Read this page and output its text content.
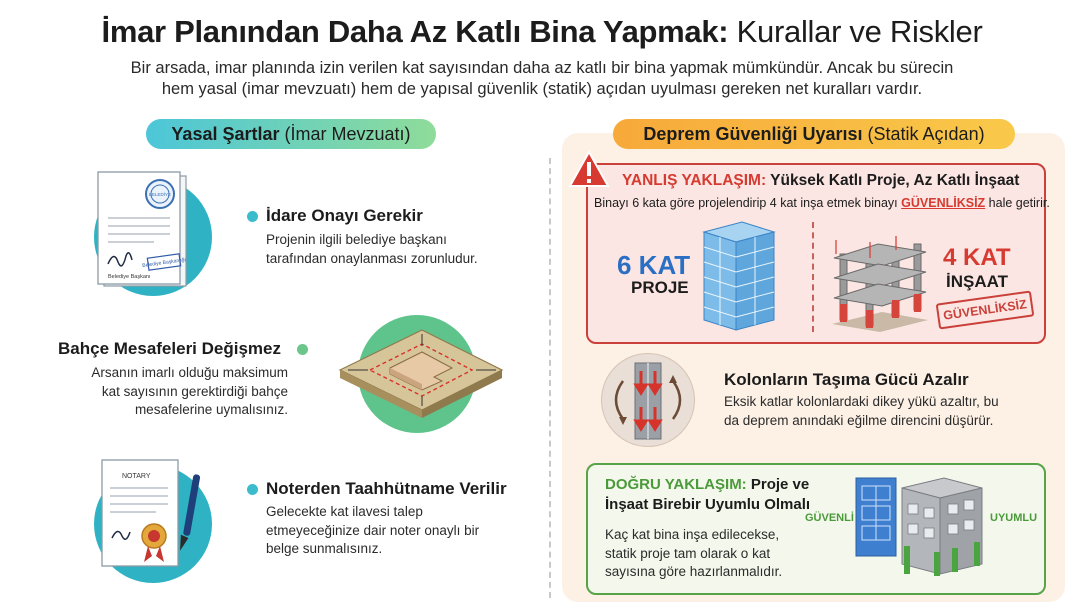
İmar Planından Daha Az Katlı Bina Yapmak: Kurallar ve Riskler
Bir arsada, imar planında izin verilen kat sayısından daha az katlı bir bina yapmak mümkündür. Ancak bu sürecin
hem yasal (imar mevzuatı) hem de yapısal güvenlik (statik) açıdan uyulması gereken net kuralları vardır.
Yasal Şartlar (İmar Mevzuatı)
BELEDİYE
Belediye Başkanlığı
Belediye Başkanı
İdare Onayı Gerekir
Projenin ilgili belediye başkanı
tarafından onaylanması zorunludur.
Bahçe Mesafeleri Değişmez
Arsanın imarlı olduğu maksimum
kat sayısının gerektirdiği bahçe
mesafelerine uymalısınız.
NOTARY
Noterden Taahhütname Verilir
Gelecekte kat ilavesi talep
etmeyeceğinize dair noter onaylı bir
belge sunmalısınız.
Deprem Güvenliği Uyarısı (Statik Açıdan)
YANLIŞ YAKLAŞIM: Yüksek Katlı Proje, Az Katlı İnşaat
Binayı 6 kata göre projelendirip 4 kat inşa etmek binayı GÜVENLİKSİZ hale getirir.
6 KAT
PROJE
4 KAT
İNŞAAT
GÜVENLİKSİZ
Kolonların Taşıma Gücü Azalır
Eksik katlar kolonlardaki dikey yükü azaltır, bu
da deprem anındaki eğilme direncini düşürür.
DOĞRU YAKLAŞIM: Proje ve
İnşaat Birebir Uyumlu Olmalı
Kaç kat bina inşa edilecekse,
statik proje tam olarak o kat
sayısına göre hazırlanmalıdır.
GÜVENLİ	UYUMLU
